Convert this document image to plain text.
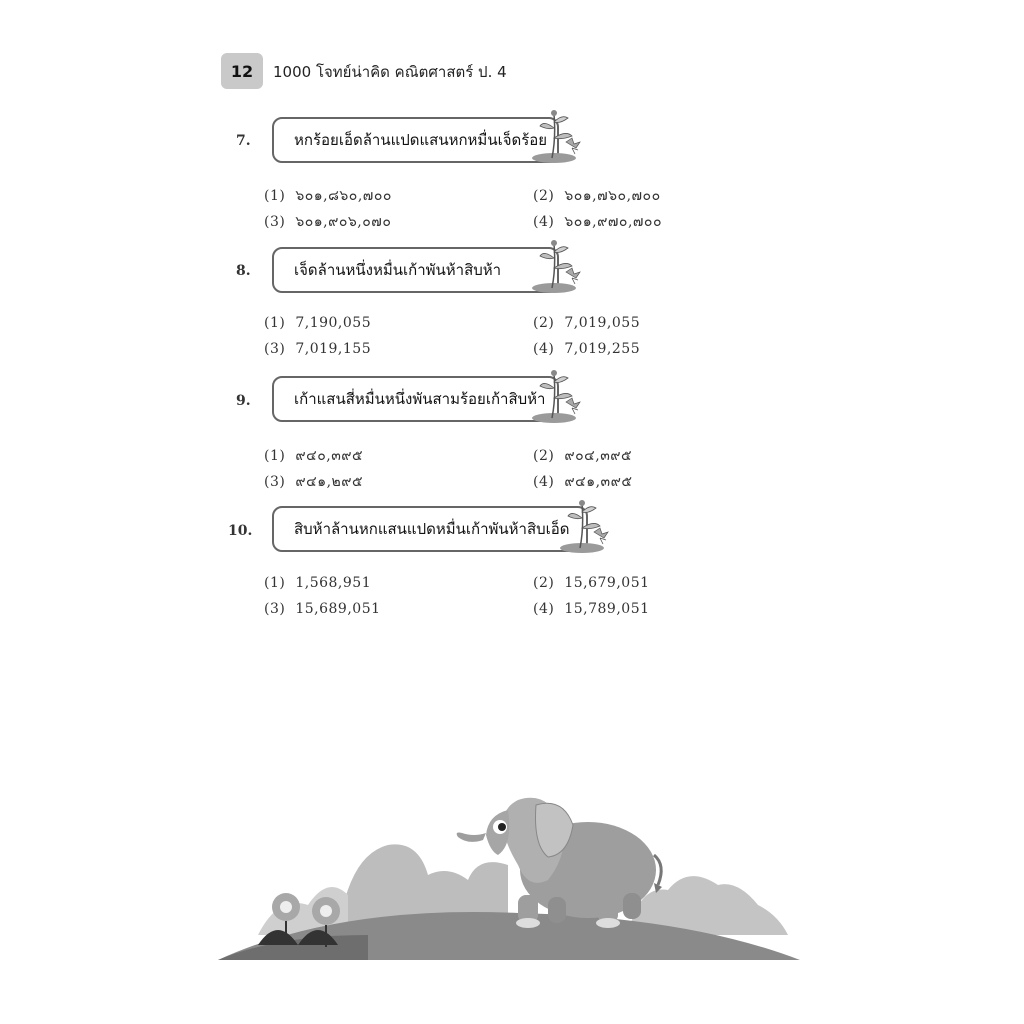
12	1000 โจทย์น่าคิด คณิตศาสตร์ ป. 4
7.	หกร้อยเอ็ดล้านแปดแสนหกหมื่นเจ็ดร้อย
(1) ๖๐๑,๘๖๐,๗๐๐	(2) ๖๐๑,๗๖๐,๗๐๐
(3) ๖๐๑,๙๐๖,๐๗๐	(4) ๖๐๑,๙๗๐,๗๐๐
8.	เจ็ดล้านหนึ่งหมื่นเก้าพันห้าสิบห้า
(1) 7,190,055	(2) 7,019,055
(3) 7,019,155	(4) 7,019,255
9.	เก้าแสนสี่หมื่นหนึ่งพันสามร้อยเก้าสิบห้า
(1) ๙๔๐,๓๙๕	(2) ๙๐๔,๓๙๕
(3) ๙๔๑,๒๙๕	(4) ๙๔๑,๓๙๕
10.	สิบห้าล้านหกแสนแปดหมื่นเก้าพันห้าสิบเอ็ด
(1) 1,568,951	(2) 15,679,051
(3) 15,689,051	(4) 15,789,051
